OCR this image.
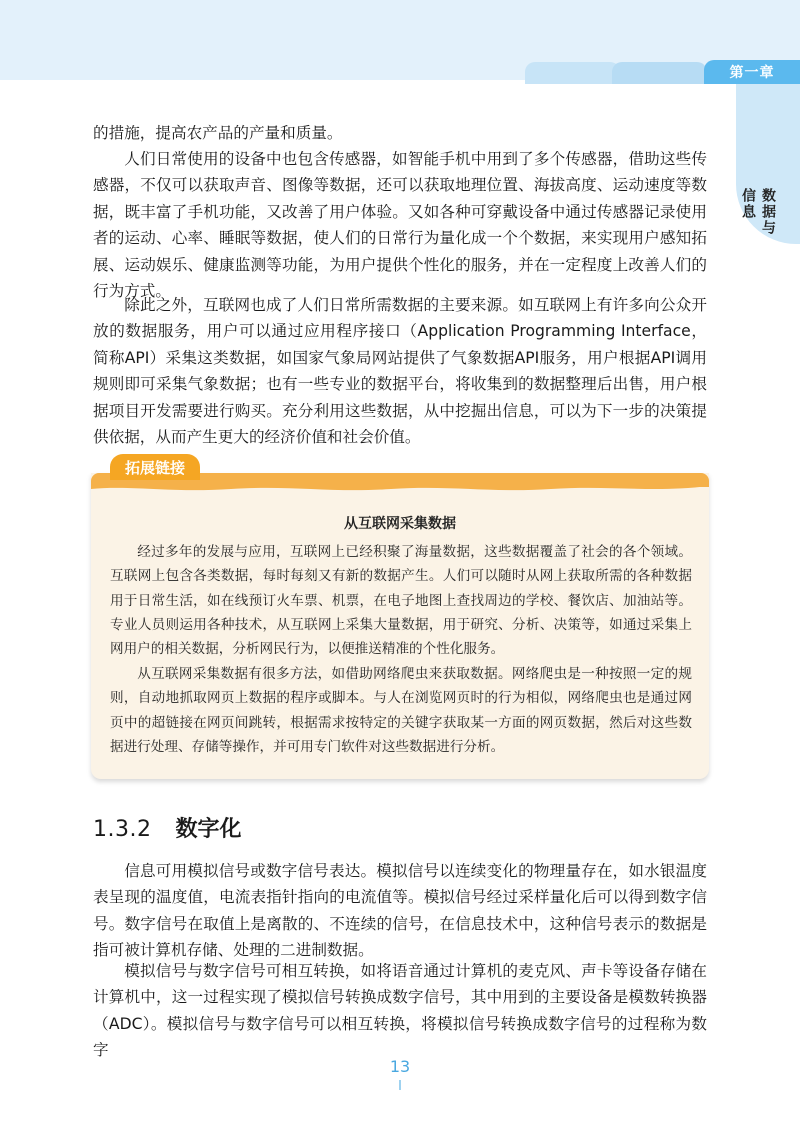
第一章
数据与信息

的措施，提高农产品的产量和质量。

人们日常使用的设备中也包含传感器，如智能手机中用到了多个传感器，借助这些传感器，不仅可以获取声音、图像等数据，还可以获取地理位置、海拔高度、运动速度等数据，既丰富了手机功能，又改善了用户体验。又如各种可穿戴设备中通过传感器记录使用者的运动、心率、睡眠等数据，使人们的日常行为量化成一个个数据，来实现用户感知拓展、运动娱乐、健康监测等功能，为用户提供个性化的服务，并在一定程度上改善人们的行为方式。

除此之外，互联网也成了人们日常所需数据的主要来源。如互联网上有许多向公众开放的数据服务，用户可以通过应用程序接口（Application Programming Interface，简称API）采集这类数据，如国家气象局网站提供了气象数据API服务，用户根据API调用规则即可采集气象数据；也有一些专业的数据平台，将收集到的数据整理后出售，用户根据项目开发需要进行购买。充分利用这些数据，从中挖掘出信息，可以为下一步的决策提供依据，从而产生更大的经济价值和社会价值。

拓展链接
从互联网采集数据

经过多年的发展与应用，互联网上已经积聚了海量数据，这些数据覆盖了社会的各个领域。互联网上包含各类数据，每时每刻又有新的数据产生。人们可以随时从网上获取所需的各种数据用于日常生活，如在线预订火车票、机票，在电子地图上查找周边的学校、餐饮店、加油站等。专业人员则运用各种技术，从互联网上采集大量数据，用于研究、分析、决策等，如通过采集上网用户的相关数据，分析网民行为，以便推送精准的个性化服务。

从互联网采集数据有很多方法，如借助网络爬虫来获取数据。网络爬虫是一种按照一定的规则，自动地抓取网页上数据的程序或脚本。与人在浏览网页时的行为相似，网络爬虫也是通过网页中的超链接在网页间跳转，根据需求按特定的关键字获取某一方面的网页数据，然后对这些数据进行处理、存储等操作，并可用专门软件对这些数据进行分析。

1.3.2 数字化

信息可用模拟信号或数字信号表达。模拟信号以连续变化的物理量存在，如水银温度表呈现的温度值，电流表指针指向的电流值等。模拟信号经过采样量化后可以得到数字信号。数字信号在取值上是离散的、不连续的信号，在信息技术中，这种信号表示的数据是指可被计算机存储、处理的二进制数据。

模拟信号与数字信号可相互转换，如将语音通过计算机的麦克风、声卡等设备存储在计算机中，这一过程实现了模拟信号转换成数字信号，其中用到的主要设备是模数转换器（ADC）。模拟信号与数字信号可以相互转换，将模拟信号转换成数字信号的过程称为数字

13
